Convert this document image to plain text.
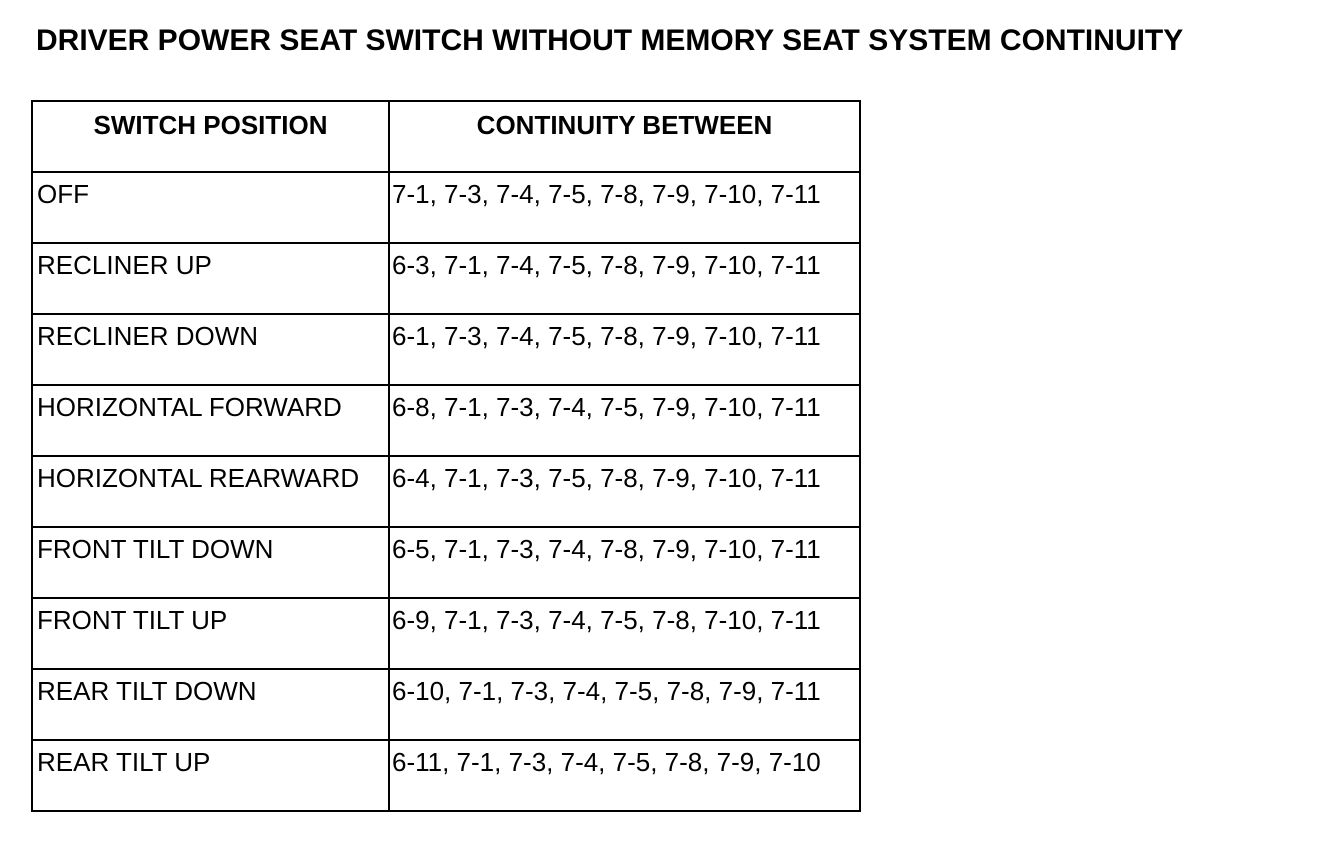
DRIVER POWER SEAT SWITCH WITHOUT MEMORY SEAT SYSTEM CONTINUITY
SWITCH POSITION	CONTINUITY BETWEEN
OFF	7-1, 7-3, 7-4, 7-5, 7-8, 7-9, 7-10, 7-11
RECLINER UP	6-3, 7-1, 7-4, 7-5, 7-8, 7-9, 7-10, 7-11
RECLINER DOWN	6-1, 7-3, 7-4, 7-5, 7-8, 7-9, 7-10, 7-11
HORIZONTAL FORWARD	6-8, 7-1, 7-3, 7-4, 7-5, 7-9, 7-10, 7-11
HORIZONTAL REARWARD	6-4, 7-1, 7-3, 7-5, 7-8, 7-9, 7-10, 7-11
FRONT TILT DOWN	6-5, 7-1, 7-3, 7-4, 7-8, 7-9, 7-10, 7-11
FRONT TILT UP	6-9, 7-1, 7-3, 7-4, 7-5, 7-8, 7-10, 7-11
REAR TILT DOWN	6-10, 7-1, 7-3, 7-4, 7-5, 7-8, 7-9, 7-11
REAR TILT UP	6-11, 7-1, 7-3, 7-4, 7-5, 7-8, 7-9, 7-10
